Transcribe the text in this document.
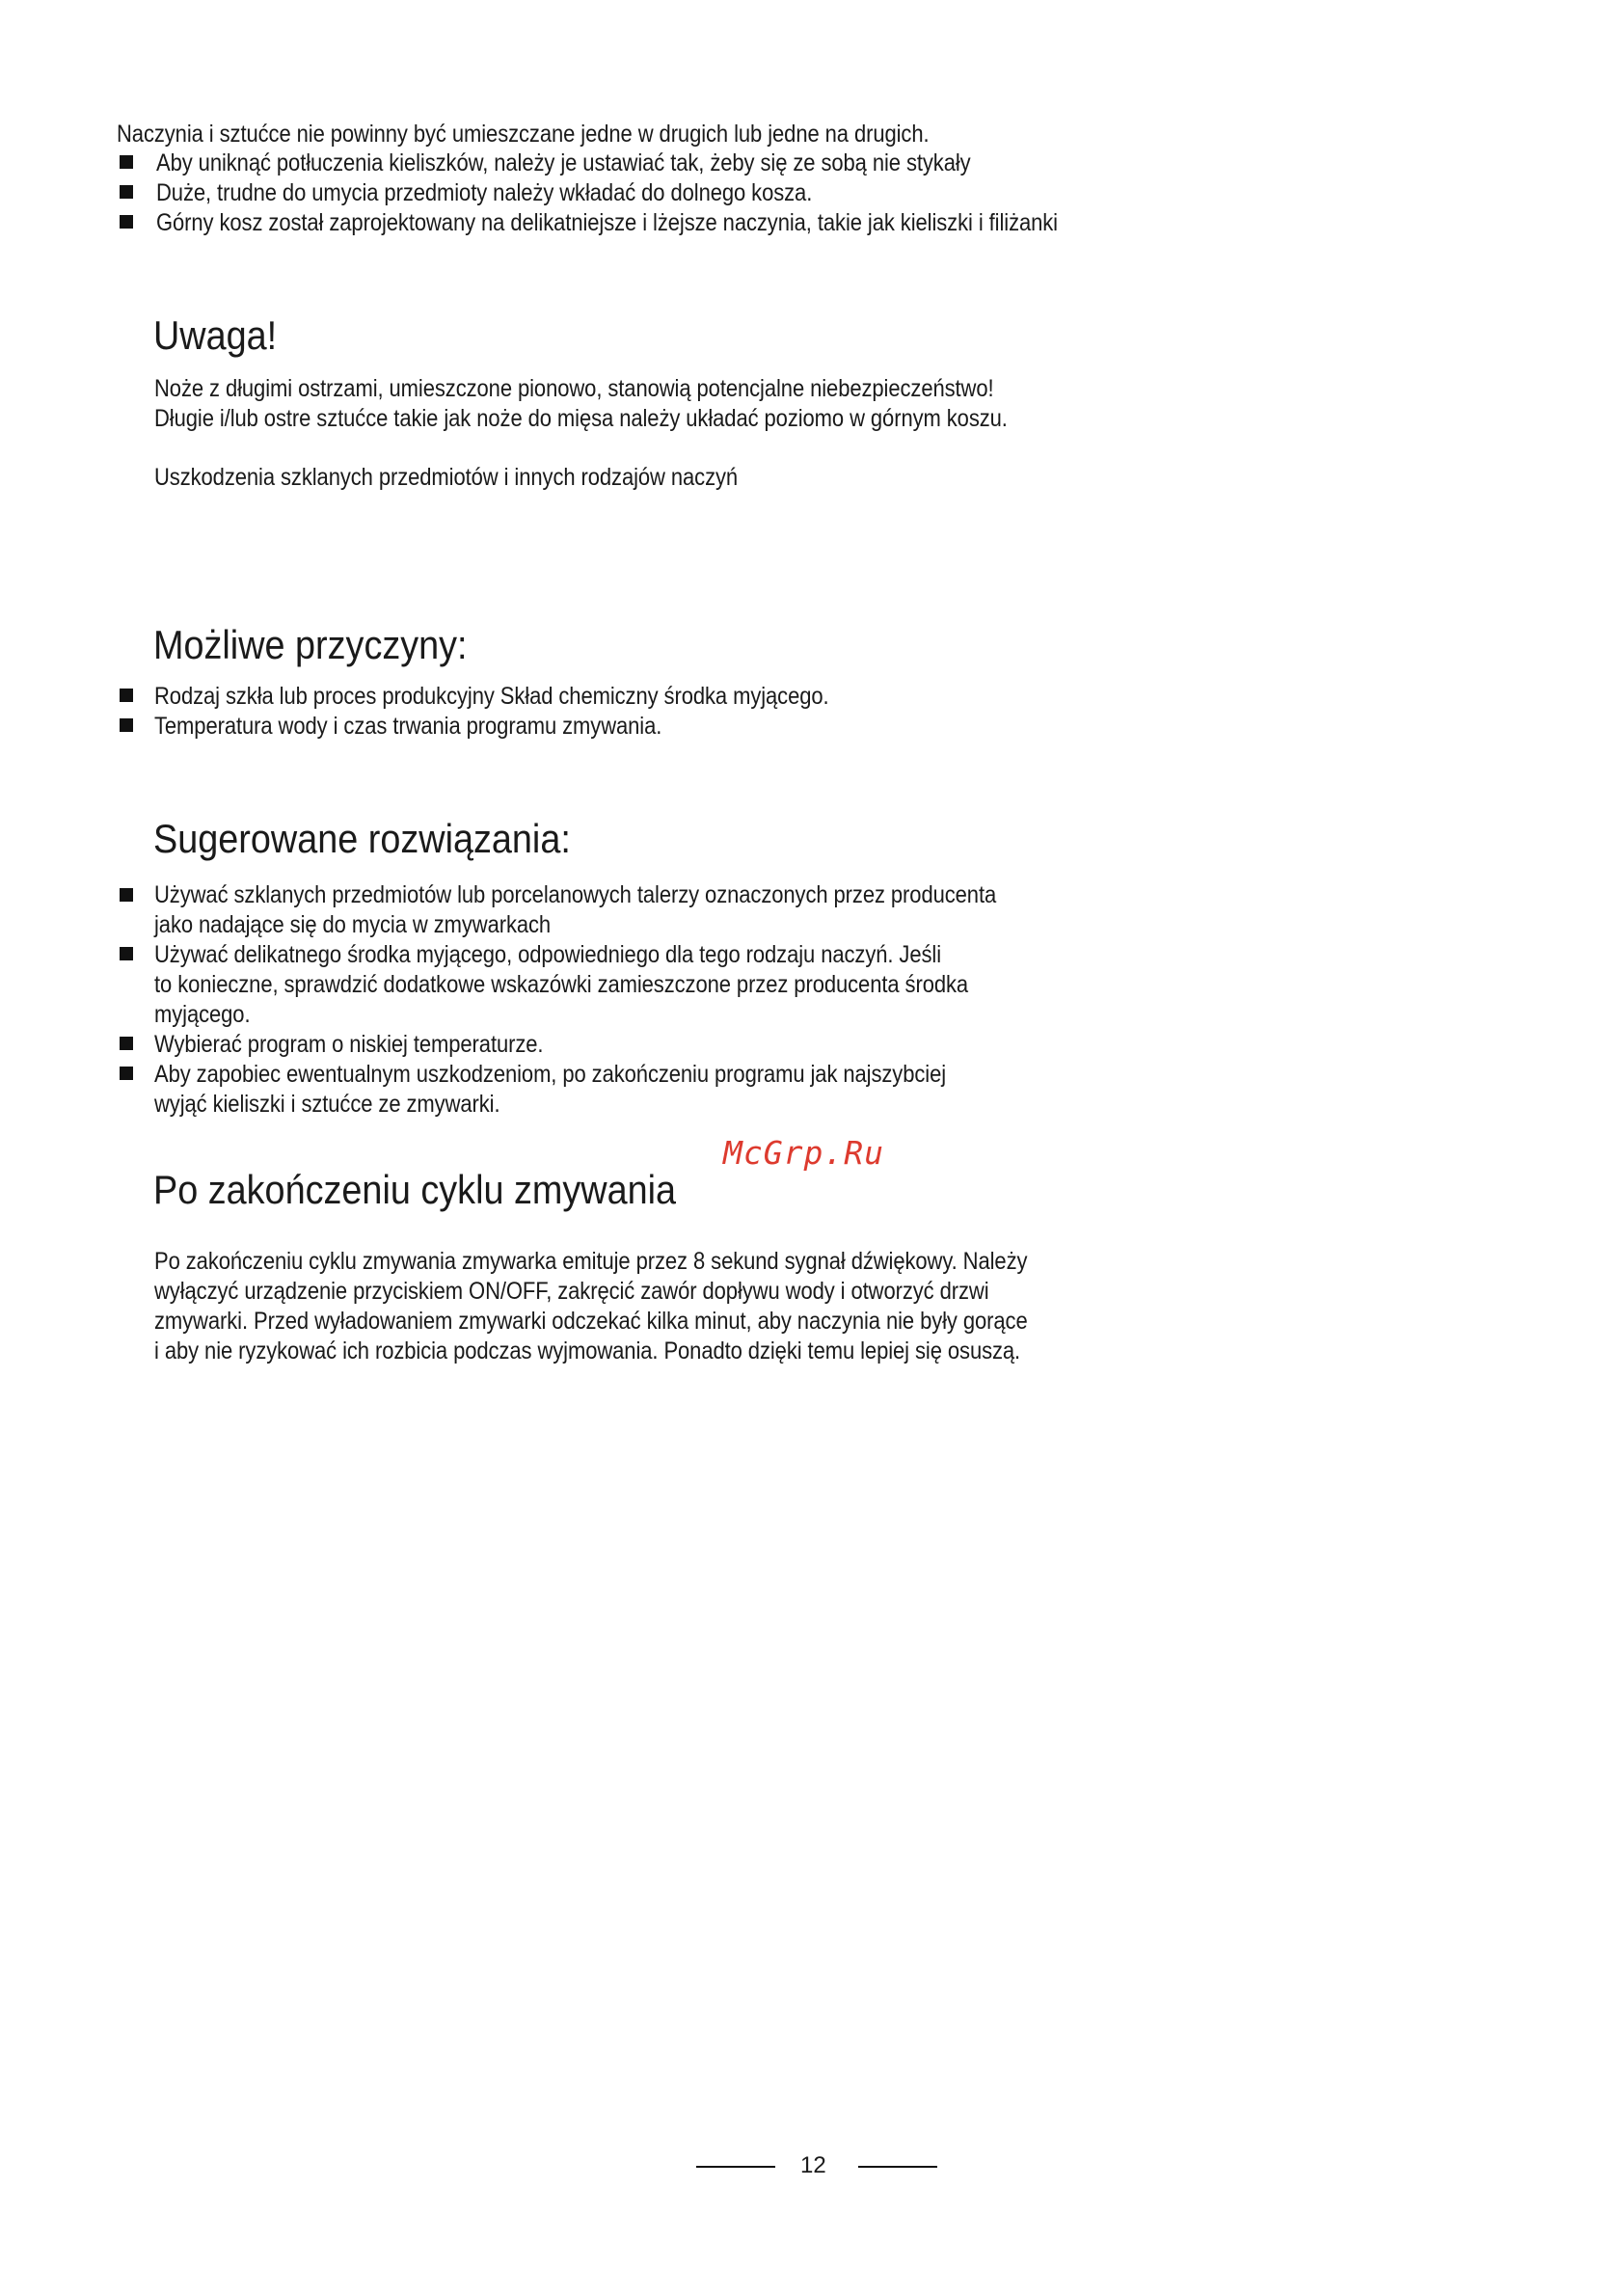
Naczynia i sztućce nie powinny być umieszczane jedne w drugich lub jedne na drugich.
Aby uniknąć potłuczenia kieliszków, należy je ustawiać tak, żeby się ze sobą nie stykały
Duże, trudne do umycia przedmioty należy wkładać do dolnego kosza.
Górny kosz został zaprojektowany na delikatniejsze i lżejsze naczynia, takie jak kieliszki i filiżanki
Uwaga!
Noże z długimi ostrzami, umieszczone pionowo, stanowią potencjalne niebezpieczeństwo!
Długie i/lub ostre sztućce takie jak noże do mięsa należy układać poziomo w górnym koszu.
Uszkodzenia szklanych przedmiotów i innych rodzajów naczyń
Możliwe przyczyny:
Rodzaj szkła lub proces produkcyjny Skład chemiczny środka myjącego.
Temperatura wody i czas trwania programu zmywania.
Sugerowane rozwiązania:
Używać szklanych przedmiotów lub porcelanowych talerzy oznaczonych przez producenta
jako nadające się do mycia w zmywarkach
Używać delikatnego środka myjącego, odpowiedniego dla tego rodzaju naczyń. Jeśli
to konieczne, sprawdzić dodatkowe wskazówki zamieszczone przez producenta środka
myjącego.
Wybierać program o niskiej temperaturze.
Aby zapobiec ewentualnym uszkodzeniom, po zakończeniu programu jak najszybciej
wyjąć kieliszki i sztućce ze zmywarki.
McGrp.Ru
Po zakończeniu cyklu zmywania
Po zakończeniu cyklu zmywania zmywarka emituje przez 8 sekund sygnał dźwiękowy. Należy
wyłączyć urządzenie przyciskiem ON/OFF, zakręcić zawór dopływu wody i otworzyć drzwi
zmywarki. Przed wyładowaniem zmywarki odczekać kilka minut, aby naczynia nie były gorące
i aby nie ryzykować ich rozbicia podczas wyjmowania. Ponadto dzięki temu lepiej się osuszą.
12
